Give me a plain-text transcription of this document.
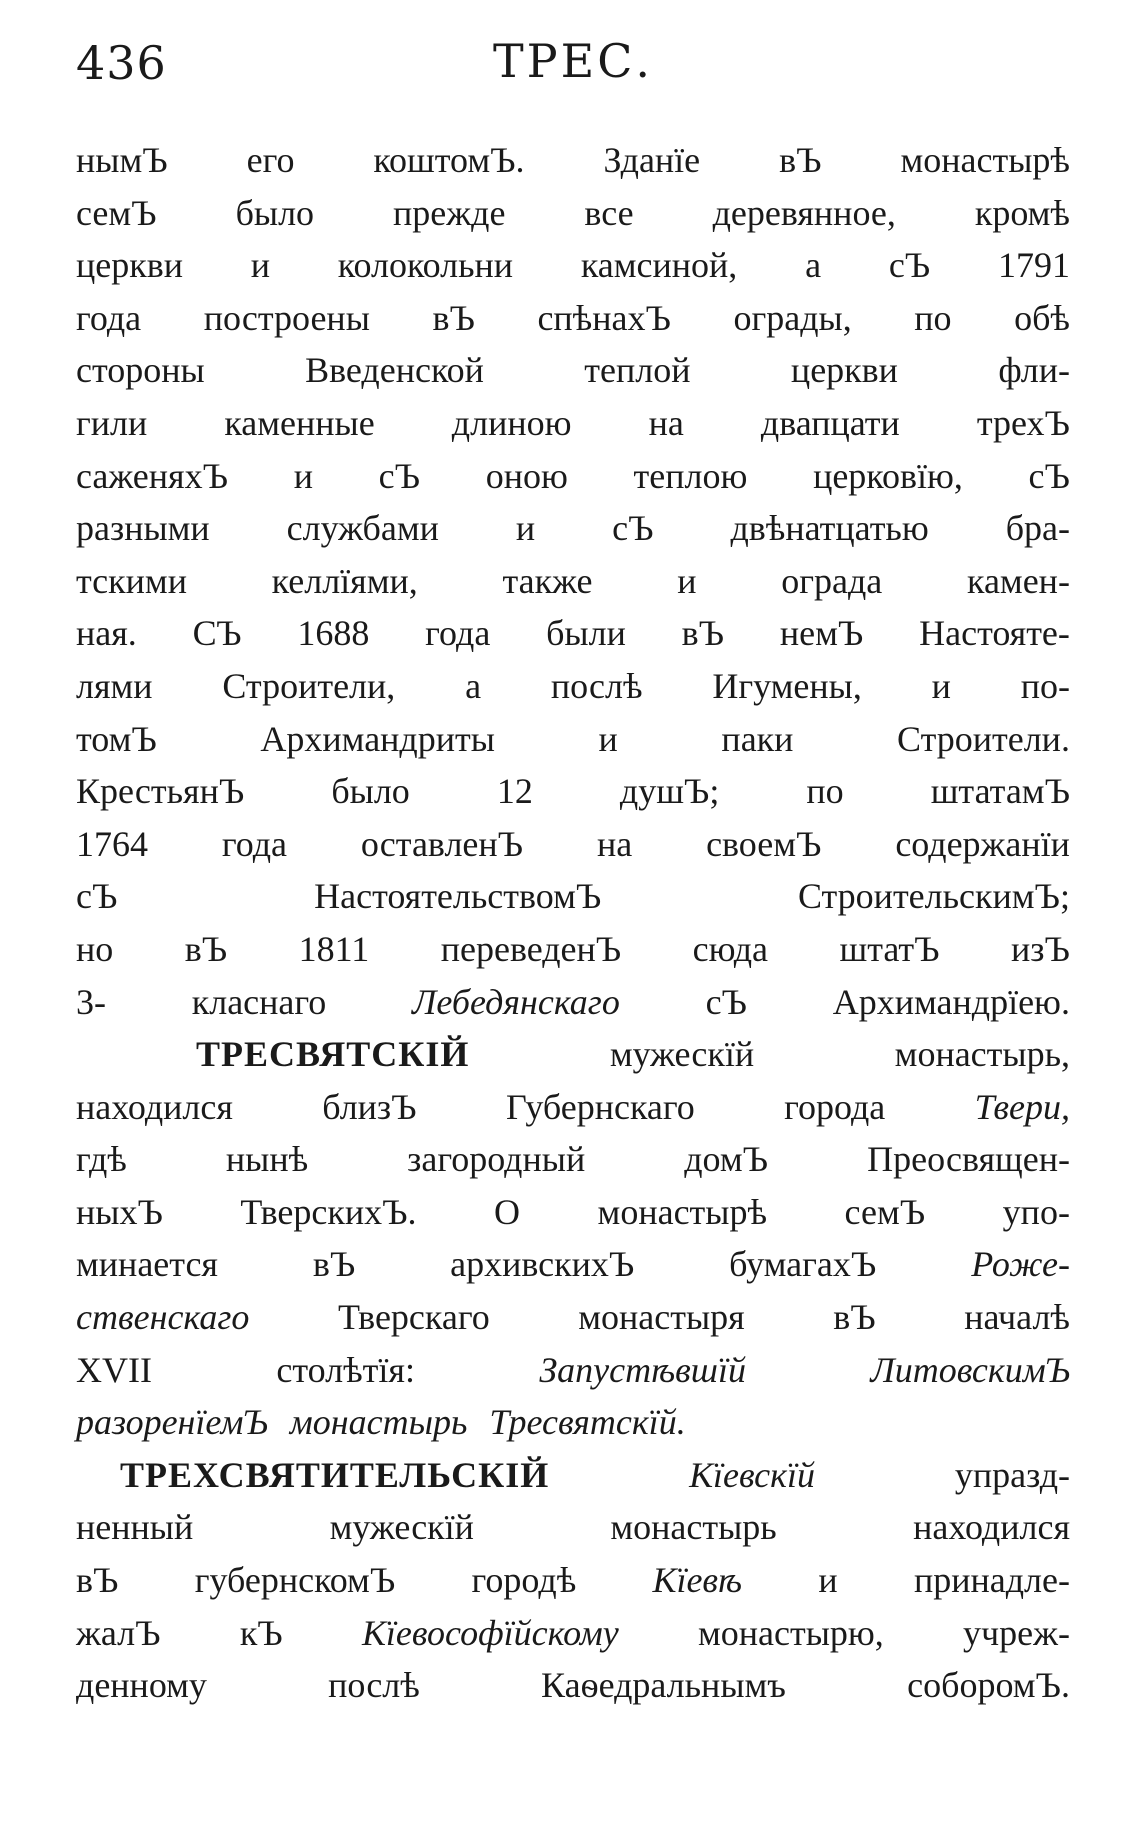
436	ТРЕС.
нымЪ его коштомЪ. Зданїе вЪ монастырѣ
семЪ было прежде все деревянное, кромѣ
церкви и колокольни камсиной, а сЪ 1791
года построены вЪ спѣнахЪ ограды, по обѣ
стороны	Введенской	теплой	церкви	фли-
гили каменные длиною на двапцати трехЪ
саженяхЪ и сЪ оною теплою церковїю, сЪ
разными службами и сЪ двѣнатцатью бра-
тскими келлїями, также и ограда камен-
ная. СЪ 1688 года были вЪ немЪ Настояте-
лями Строители, а послѣ Игумены, и по-
томЪ	Архимандриты	и	паки	Строители.
КрестьянЪ было 12 душЪ; по штатамЪ
1764 года оставленЪ на своемЪ содержанїи
сЪ	НастоятельствомЪ	СтроительскимЪ;
но вЪ 1811 переведенЪ сюда штатЪ изЪ
3- класнаго Лебедянскаго сЪ Архимандрїею.
ТРЕСВЯТСКІЙ	мужескїй	монастырь,
находился близЪ Губернскаго города Твери,
гдѣ	нынѣ	загородный	домЪ	Преосвящен-
ныхЪ ТверскихЪ. О монастырѣ семЪ упо-
минается	вЪ	архивскихЪ	бумагахЪ	Роже-
ственскаго Тверскаго монастыря вЪ началѣ
XVII	столѣтїя:	Запустѣвшїй	ЛитовскимЪ
разоренїемЪ монастырь Тресвятскїй.
ТРЕХСВЯТИТЕЛЬСКІЙ	Кїевскїй	упразд-
ненный	мужескїй	монастырь	находился
вЪ губернскомЪ городѣ Кїевѣ и принадле-
жалЪ кЪ Кїевософїйскому монастырю, учреж-
денному	послѣ	Каѳедральнымъ	соборомЪ.
